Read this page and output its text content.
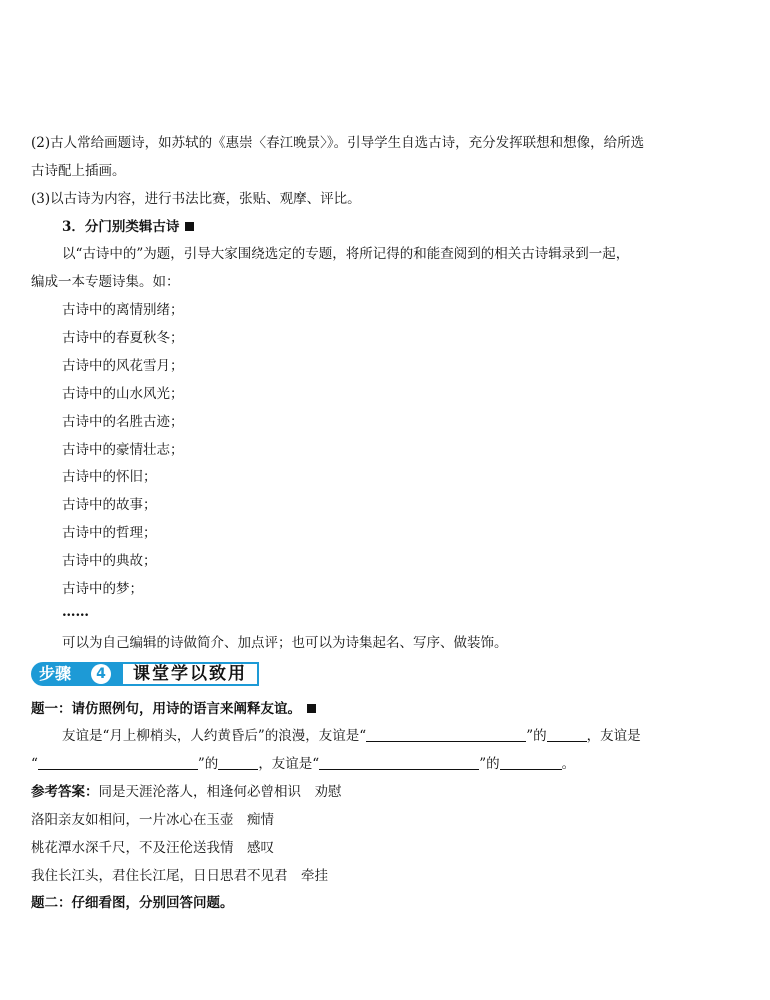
(2)古人常给画题诗，如苏轼的《惠崇〈春江晚景〉》。引导学生自选古诗，充分发挥联想和想像，给所选
古诗配上插画。
(3)以古诗为内容，进行书法比赛，张贴、观摩、评比。
3．分门别类辑古诗
以“古诗中的”为题，引导大家围绕选定的专题，将所记得的和能查阅到的相关古诗辑录到一起，
编成一本专题诗集。如：
古诗中的离情别绪；
古诗中的春夏秋冬；
古诗中的风花雪月；
古诗中的山水风光；
古诗中的名胜古迹；
古诗中的豪情壮志；
古诗中的怀旧；
古诗中的故事；
古诗中的哲理；
古诗中的典故；
古诗中的梦；
……
可以为自己编辑的诗做简介、加点评；也可以为诗集起名、写序、做装饰。
步骤	4	课堂学以致用
题一：请仿照例句，用诗的语言来阐释友谊。
友谊是“月上柳梢头，人约黄昏后”的浪漫，友谊是“	”的	，友谊是
“	”的	，友谊是“	”的	。
参考答案：同是天涯沦落人，相逢何必曾相识　劝慰
洛阳亲友如相问，一片冰心在玉壶　痴情
桃花潭水深千尺，不及汪伦送我情　感叹
我住长江头，君住长江尾，日日思君不见君　牵挂
题二：仔细看图，分别回答问题。
